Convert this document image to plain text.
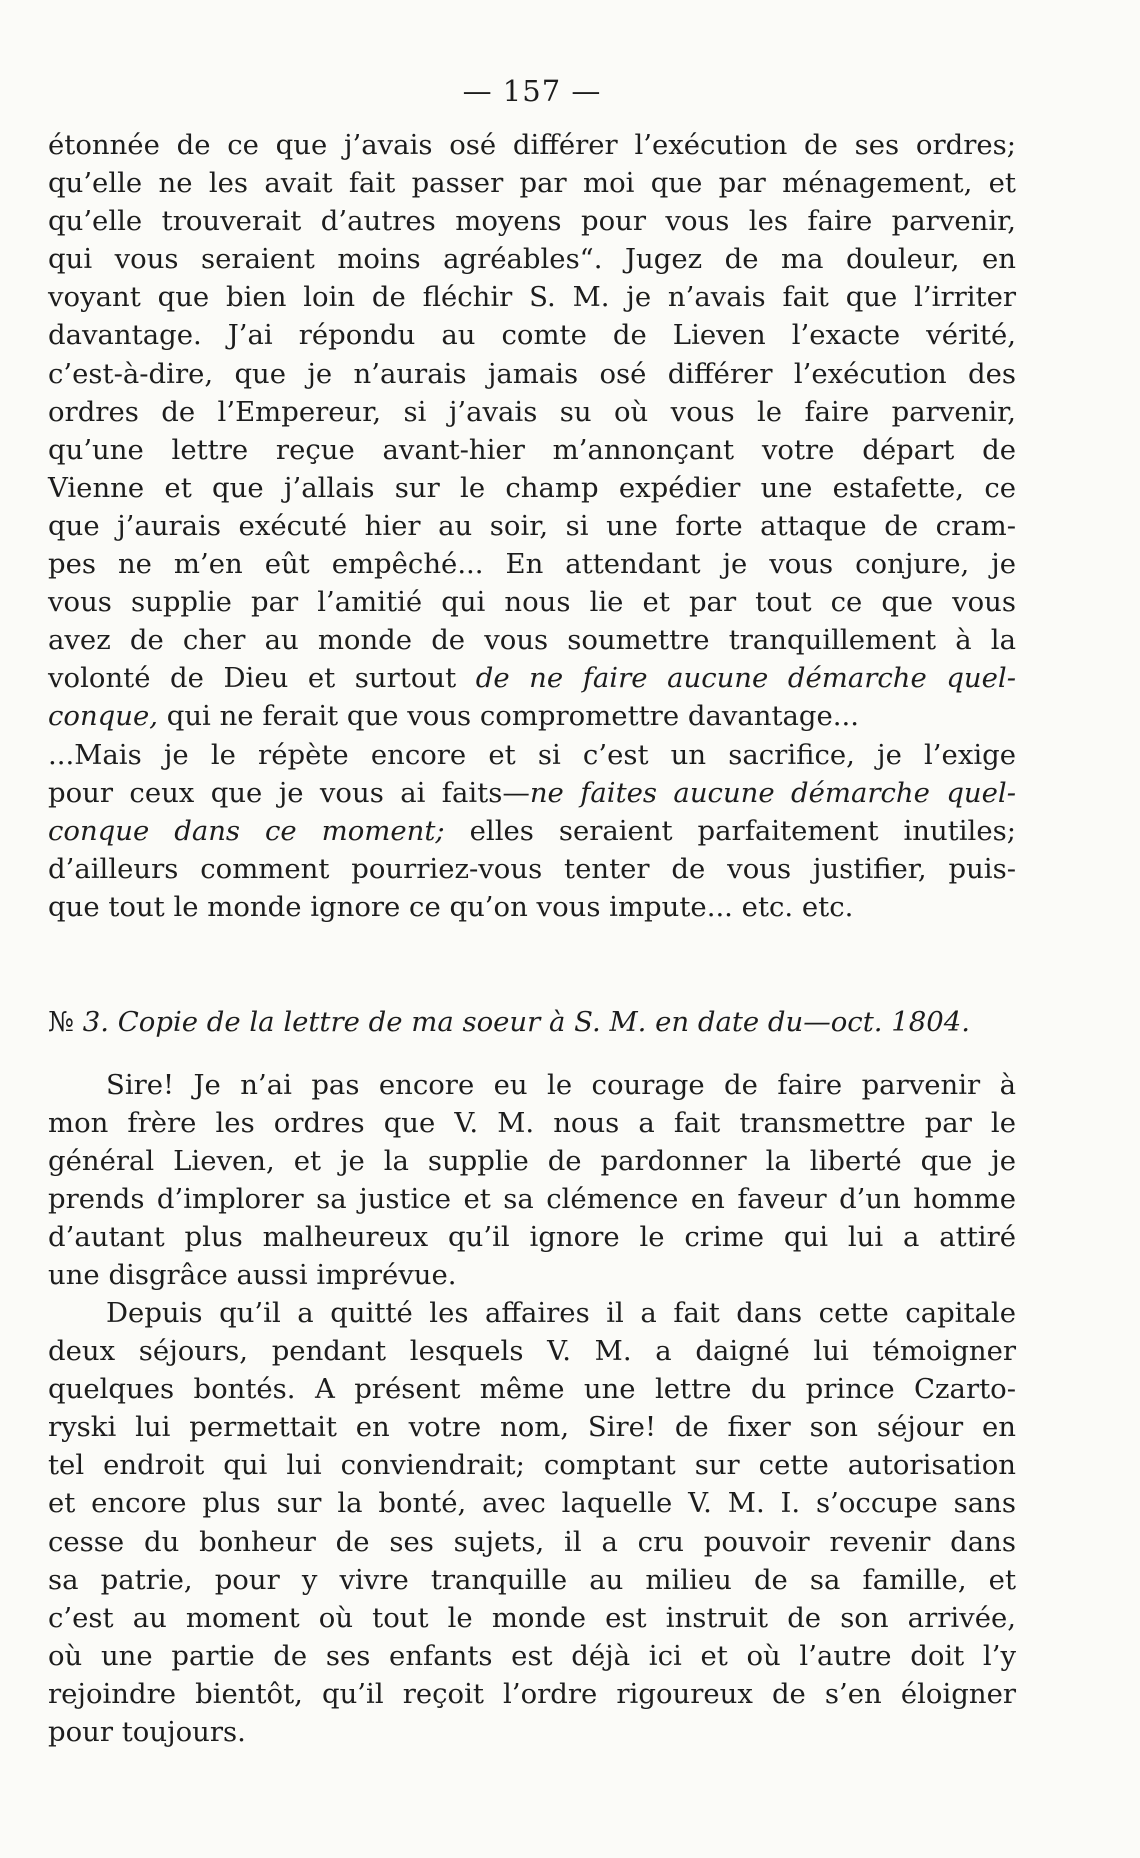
— 157 —
étonnée de ce que j’avais osé différer l’exécution de ses ordres;
qu’elle ne les avait fait passer par moi que par ménagement, et
qu’elle trouverait d’autres moyens pour vous les faire parvenir,
qui vous seraient moins agréables“. Jugez de ma douleur, en
voyant que bien loin de fléchir S. M. je n’avais fait que l’irriter
davantage. J’ai répondu au comte de Lieven l’exacte vérité,
c’est-à-dire, que je n’aurais jamais osé différer l’exécution des
ordres de l’Empereur, si j’avais su où vous le faire parvenir,
qu’une lettre reçue avant-hier m’annonçant votre départ de
Vienne et que j’allais sur le champ expédier une estafette, ce
que j’aurais exécuté hier au soir, si une forte attaque de cram-
pes ne m’en eût empêché... En attendant je vous conjure, je
vous supplie par l’amitié qui nous lie et par tout ce que vous
avez de cher au monde de vous soumettre tranquillement à la
volonté de Dieu et surtout de ne faire aucune démarche quel-
conque, qui ne ferait que vous compromettre davantage...
...Mais je le répète encore et si c’est un sacrifice, je l’exige
pour ceux que je vous ai faits—ne faites aucune démarche quel-
conque dans ce moment; elles seraient parfaitement inutiles;
d’ailleurs comment pourriez-vous tenter de vous justifier, puis-
que tout le monde ignore ce qu’on vous impute... etc. etc.
№ 3. Copie de la lettre de ma soeur à S. M. en date du—oct. 1804.
Sire! Je n’ai pas encore eu le courage de faire parvenir à
mon frère les ordres que V. M. nous a fait transmettre par le
général Lieven, et je la supplie de pardonner la liberté que je
prends d’implorer sa justice et sa clémence en faveur d’un homme
d’autant plus malheureux qu’il ignore le crime qui lui a attiré
une disgrâce aussi imprévue.
Depuis qu’il a quitté les affaires il a fait dans cette capitale
deux séjours, pendant lesquels V. M. a daigné lui témoigner
quelques bontés. A présent même une lettre du prince Czarto-
ryski lui permettait en votre nom, Sire! de fixer son séjour en
tel endroit qui lui conviendrait; comptant sur cette autorisation
et encore plus sur la bonté, avec laquelle V. M. I. s’occupe sans
cesse du bonheur de ses sujets, il a cru pouvoir revenir dans
sa patrie, pour y vivre tranquille au milieu de sa famille, et
c’est au moment où tout le monde est instruit de son arrivée,
où une partie de ses enfants est déjà ici et où l’autre doit l’y
rejoindre bientôt, qu’il reçoit l’ordre rigoureux de s’en éloigner
pour toujours.
